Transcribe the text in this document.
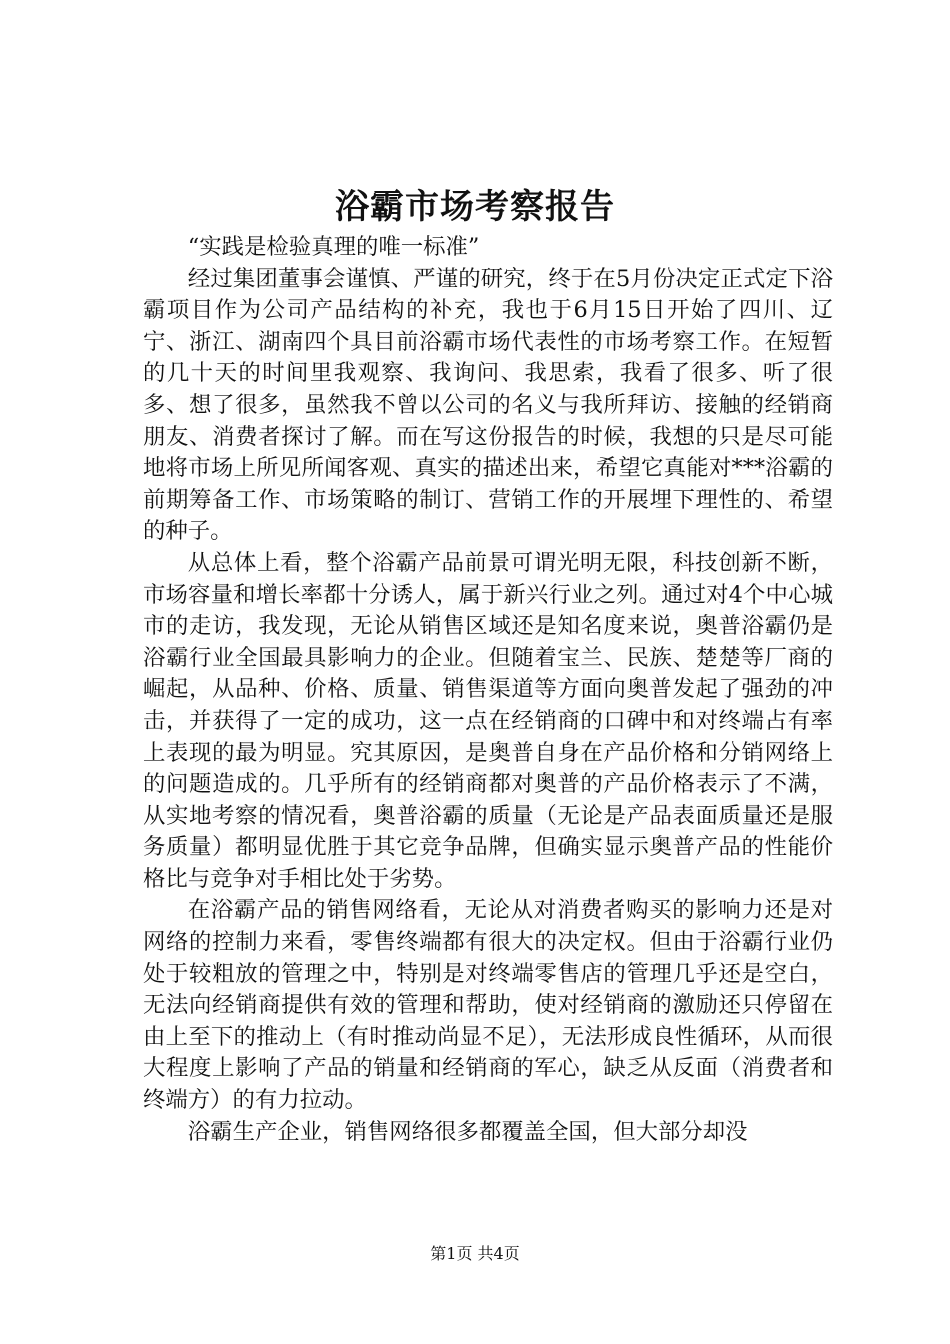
浴霸市场考察报告

“实践是检验真理的唯一标准”

经过集团董事会谨慎、严谨的研究，终于在5月份决定正式定下浴霸项目作为公司产品结构的补充，我也于6月15日开始了四川、辽宁、浙江、湖南四个具目前浴霸市场代表性的市场考察工作。在短暂的几十天的时间里我观察、我询问、我思索，我看了很多、听了很多、想了很多，虽然我不曾以公司的名义与我所拜访、接触的经销商朋友、消费者探讨了解。而在写这份报告的时候，我想的只是尽可能地将市场上所见所闻客观、真实的描述出来，希望它真能对***浴霸的前期筹备工作、市场策略的制订、营销工作的开展埋下理性的、希望的种子。

从总体上看，整个浴霸产品前景可谓光明无限，科技创新不断，市场容量和增长率都十分诱人，属于新兴行业之列。通过对4个中心城市的走访，我发现，无论从销售区域还是知名度来说，奥普浴霸仍是浴霸行业全国最具影响力的企业。但随着宝兰、民族、楚楚等厂商的崛起，从品种、价格、质量、销售渠道等方面向奥普发起了强劲的冲击，并获得了一定的成功，这一点在经销商的口碑中和对终端占有率上表现的最为明显。究其原因，是奥普自身在产品价格和分销网络上的问题造成的。几乎所有的经销商都对奥普的产品价格表示了不满，从实地考察的情况看，奥普浴霸的质量（无论是产品表面质量还是服务质量）都明显优胜于其它竞争品牌，但确实显示奥普产品的性能价格比与竞争对手相比处于劣势。

在浴霸产品的销售网络看，无论从对消费者购买的影响力还是对网络的控制力来看，零售终端都有很大的决定权。但由于浴霸行业仍处于较粗放的管理之中，特别是对终端零售店的管理几乎还是空白，无法向经销商提供有效的管理和帮助，使对经销商的激励还只停留在由上至下的推动上（有时推动尚显不足），无法形成良性循环，从而很大程度上影响了产品的销量和经销商的军心，缺乏从反面（消费者和终端方）的有力拉动。

浴霸生产企业，销售网络很多都覆盖全国，但大部分却没

第1页 共4页
